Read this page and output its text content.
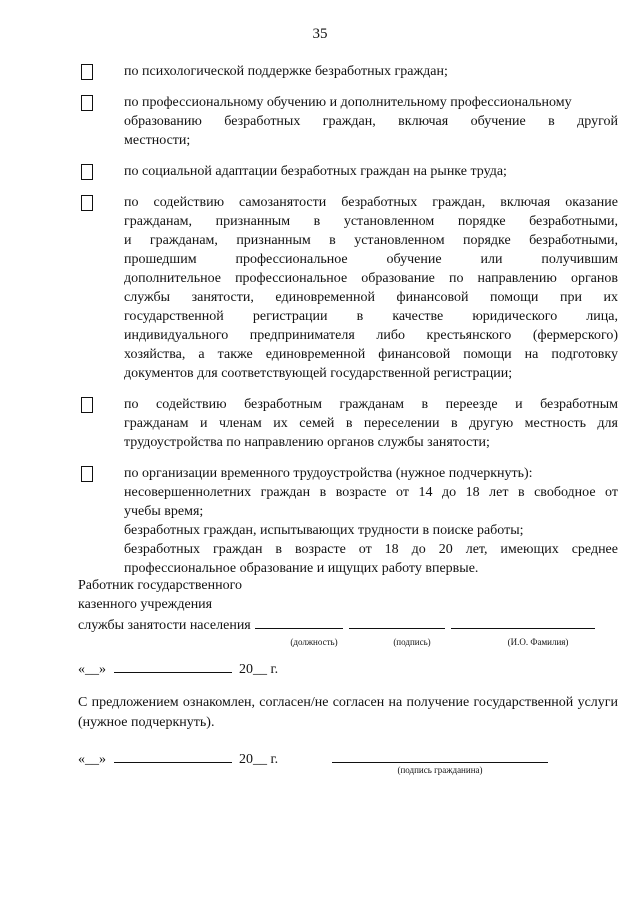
35
по психологической поддержке безработных граждан;
по профессиональному обучению и дополнительному профессиональному
образованию безработных граждан, включая обучение в другой
местности;
по социальной адаптации безработных граждан на рынке труда;
по содействию самозанятости безработных граждан, включая оказание
гражданам, признанным в установленном порядке безработными,
и гражданам, признанным в установленном порядке безработными,
прошедшим профессиональное обучение или получившим
дополнительное профессиональное образование по направлению органов
службы занятости, единовременной финансовой помощи при их
государственной регистрации в качестве юридического лица,
индивидуального предпринимателя либо крестьянского (фермерского)
хозяйства, а также единовременной финансовой помощи на подготовку
документов для соответствующей государственной регистрации;
по содействию безработным гражданам в переезде и безработным
гражданам и членам их семей в переселении в другую местность для
трудоустройства по направлению органов службы занятости;
по организации временного трудоустройства (нужное подчеркнуть):
несовершеннолетних граждан в возрасте от 14 до 18 лет в свободное от
учебы время;
безработных граждан, испытывающих трудности в поиске работы;
безработных граждан в возрасте от 18 до 20 лет, имеющих среднее
профессиональное образование и ищущих работу впервые.
Работник государственного
казенного учреждения
службы занятости населения
(должность)	(подпись)	(И.О. Фамилия)
«__»	20__ г.
С предложением ознакомлен, согласен/не согласен на получение государственной услуги (нужное подчеркнуть).
«__»	20__ г.
(подпись гражданина)
